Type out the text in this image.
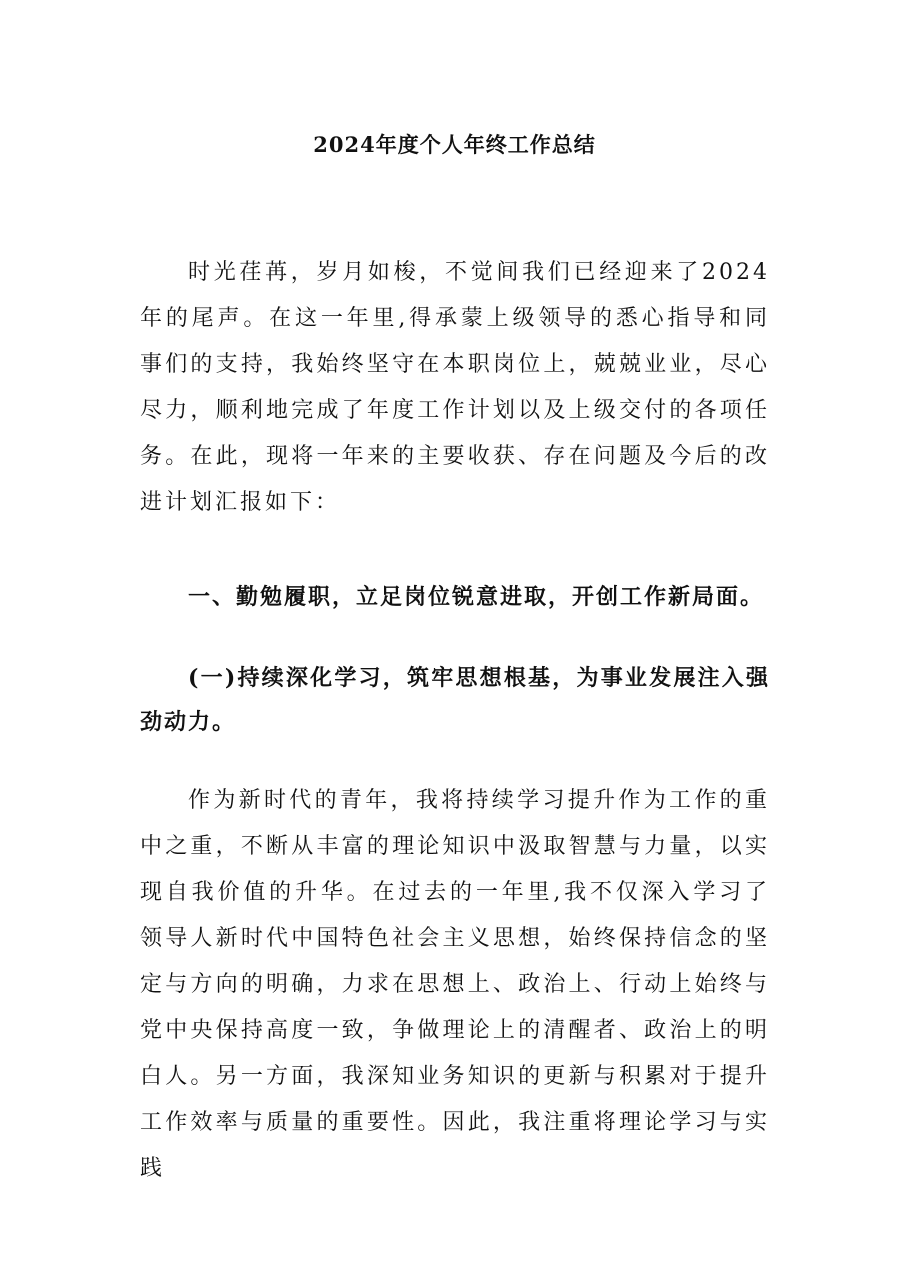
2024年度个人年终工作总结

时光荏苒，岁月如梭，不觉间我们已经迎来了2024年的尾声。在这一年里,得承蒙上级领导的悉心指导和同事们的支持，我始终坚守在本职岗位上，兢兢业业，尽心尽力，顺利地完成了年度工作计划以及上级交付的各项任务。在此，现将一年来的主要收获、存在问题及今后的改进计划汇报如下：

一、勤勉履职，立足岗位锐意进取，开创工作新局面。

(一)持续深化学习，筑牢思想根基，为事业发展注入强劲动力。

作为新时代的青年，我将持续学习提升作为工作的重中之重，不断从丰富的理论知识中汲取智慧与力量，以实现自我价值的升华。在过去的一年里,我不仅深入学习了领导人新时代中国特色社会主义思想，始终保持信念的坚定与方向的明确，力求在思想上、政治上、行动上始终与党中央保持高度一致，争做理论上的清醒者、政治上的明白人。另一方面，我深知业务知识的更新与积累对于提升工作效率与质量的重要性。因此，我注重将理论学习与实践
